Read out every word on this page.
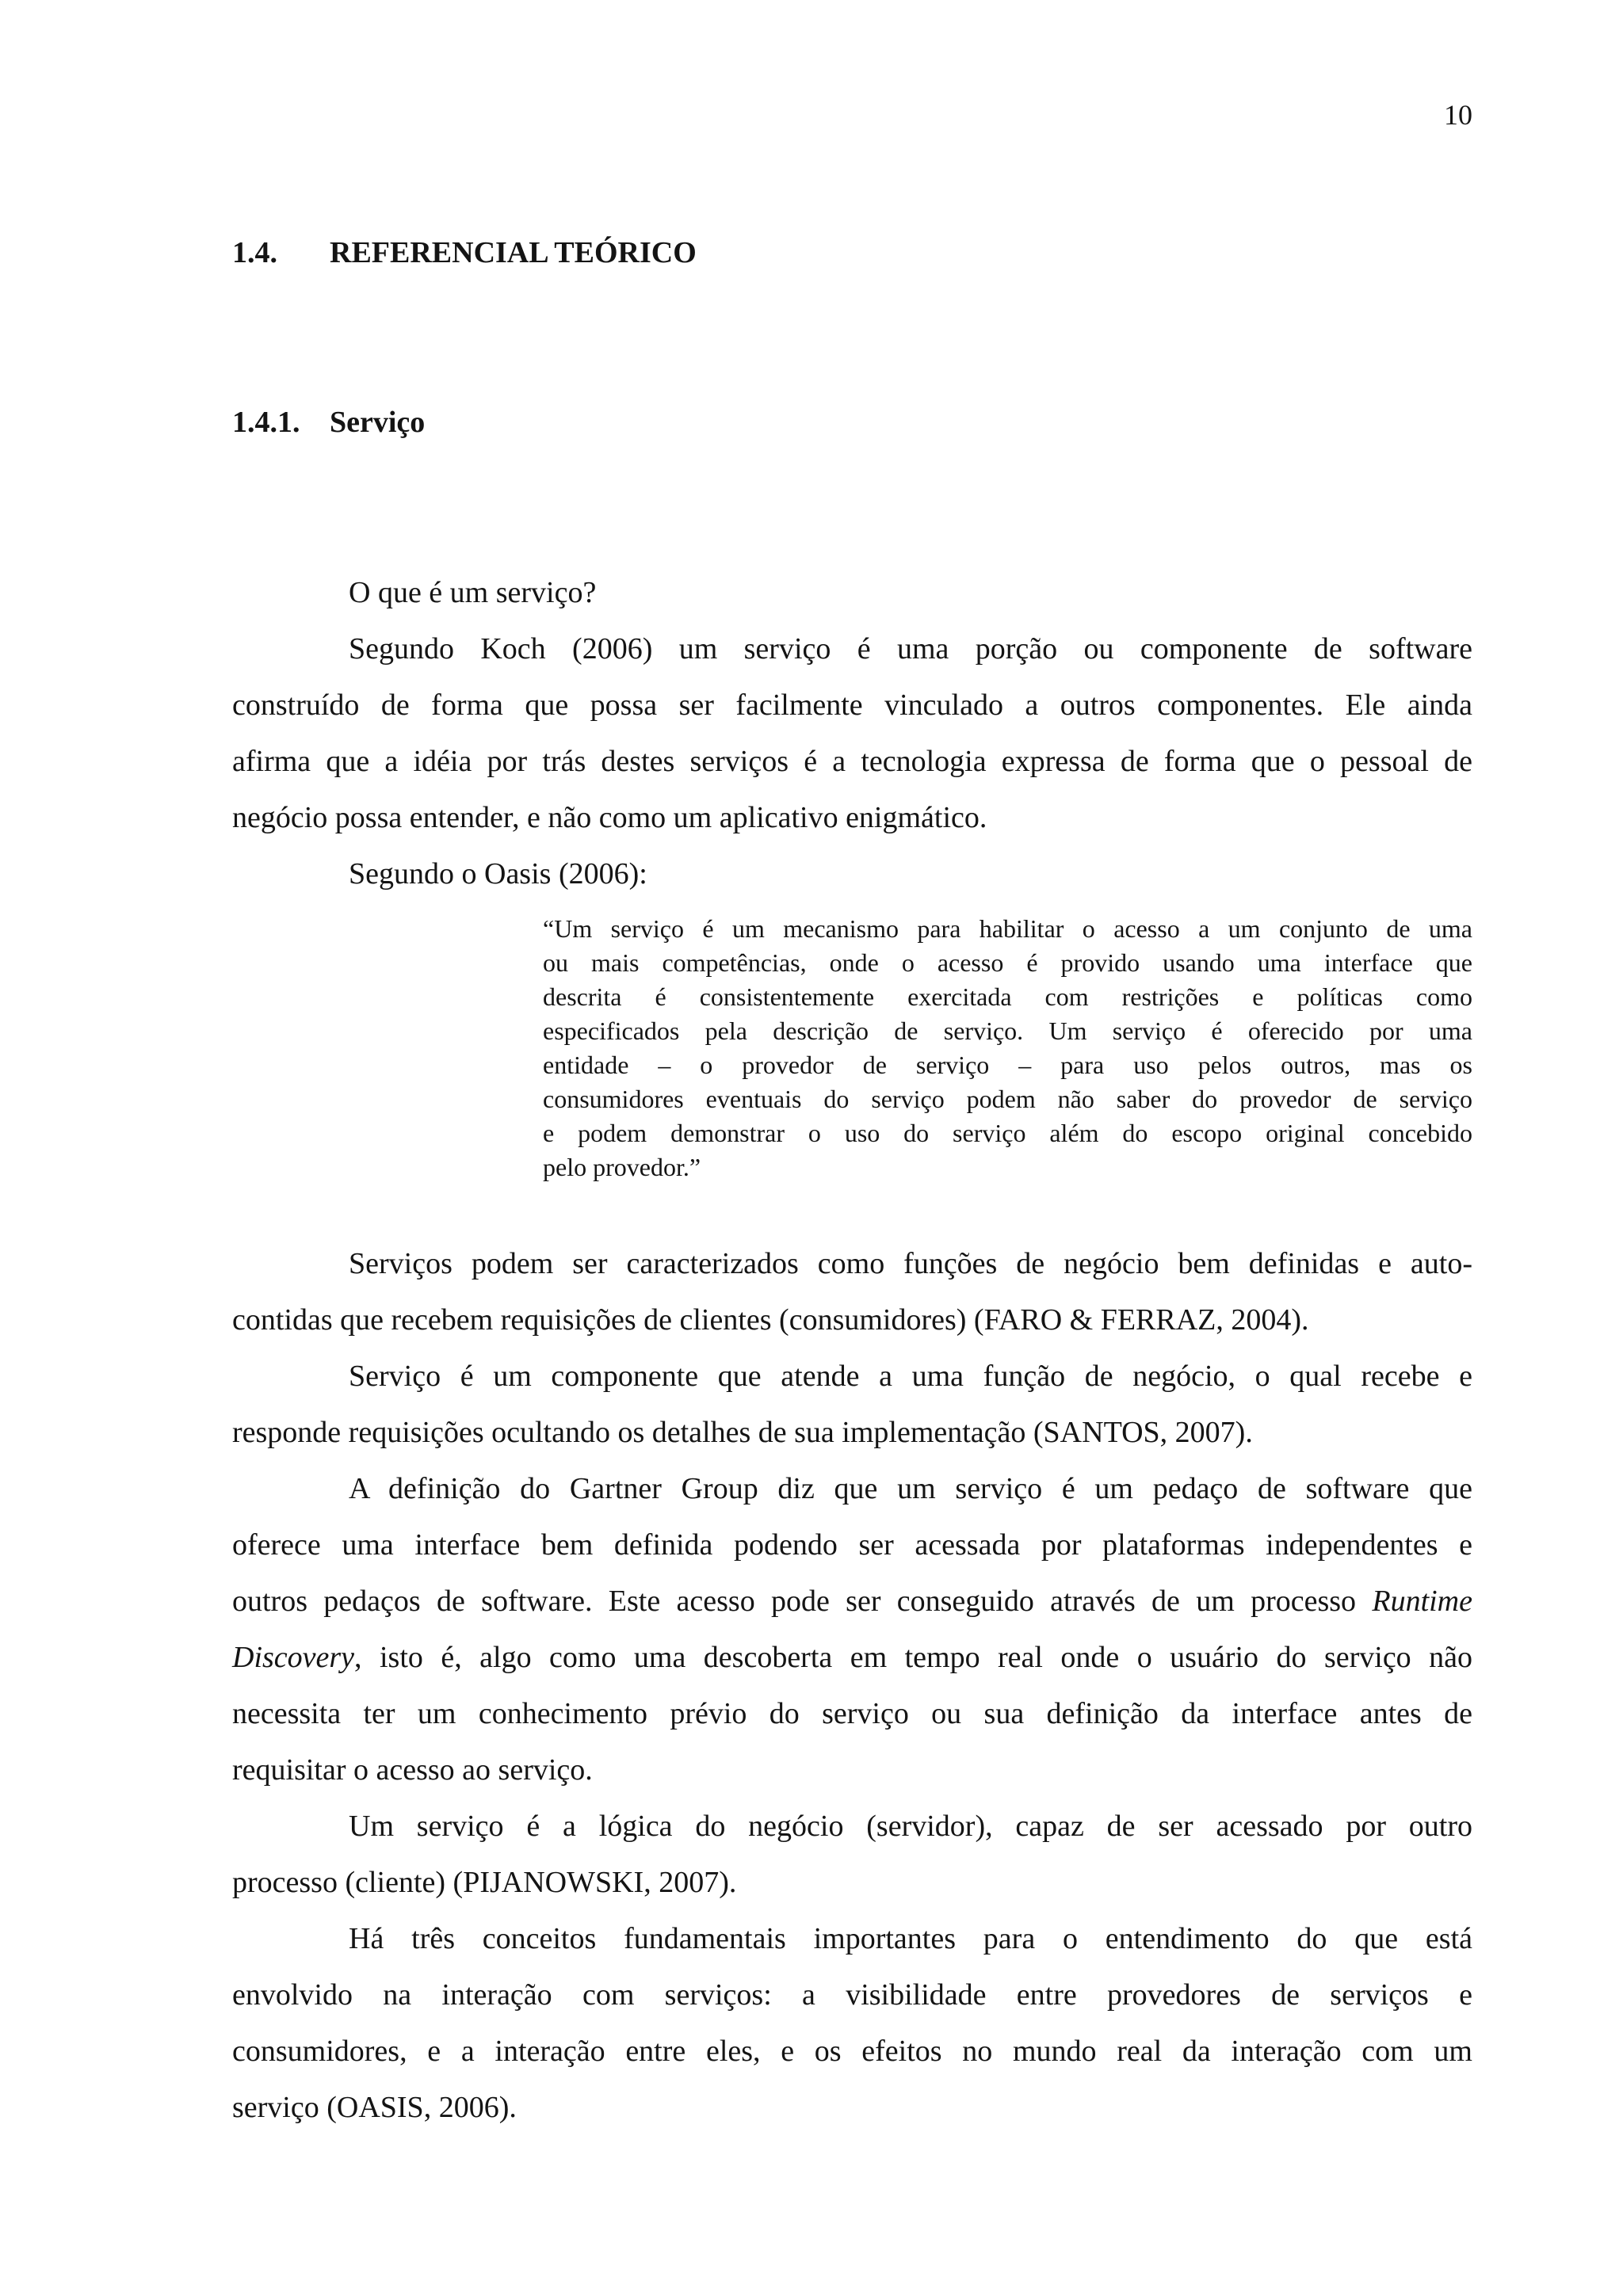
10
1.4. REFERENCIAL TEÓRICO
1.4.1. Serviço
O que é um serviço?
Segundo Koch (2006) um serviço é uma porção ou componente de software
construído de forma que possa ser facilmente vinculado a outros componentes. Ele ainda
afirma que a idéia por trás destes serviços é a tecnologia expressa de forma que o pessoal de
negócio possa entender, e não como um aplicativo enigmático.
Segundo o Oasis (2006):
“Um serviço é um mecanismo para habilitar o acesso a um conjunto de uma
ou mais competências, onde o acesso é provido usando uma interface que
descrita é consistentemente exercitada com restrições e políticas como
especificados pela descrição de serviço. Um serviço é oferecido por uma
entidade – o provedor de serviço – para uso pelos outros, mas os
consumidores eventuais do serviço podem não saber do provedor de serviço
e podem demonstrar o uso do serviço além do escopo original concebido
pelo provedor.”
Serviços podem ser caracterizados como funções de negócio bem definidas e auto-
contidas que recebem requisições de clientes (consumidores) (FARO & FERRAZ, 2004).
Serviço é um componente que atende a uma função de negócio, o qual recebe e
responde requisições ocultando os detalhes de sua implementação (SANTOS, 2007).
A definição do Gartner Group diz que um serviço é um pedaço de software que
oferece uma interface bem definida podendo ser acessada por plataformas independentes e
outros pedaços de software. Este acesso pode ser conseguido através de um processo Runtime
Discovery, isto é, algo como uma descoberta em tempo real onde o usuário do serviço não
necessita ter um conhecimento prévio do serviço ou sua definição da interface antes de
requisitar o acesso ao serviço.
Um serviço é a lógica do negócio (servidor), capaz de ser acessado por outro
processo (cliente) (PIJANOWSKI, 2007).
Há três conceitos fundamentais importantes para o entendimento do que está
envolvido na interação com serviços: a visibilidade entre provedores de serviços e
consumidores, e a interação entre eles, e os efeitos no mundo real da interação com um
serviço (OASIS, 2006).
